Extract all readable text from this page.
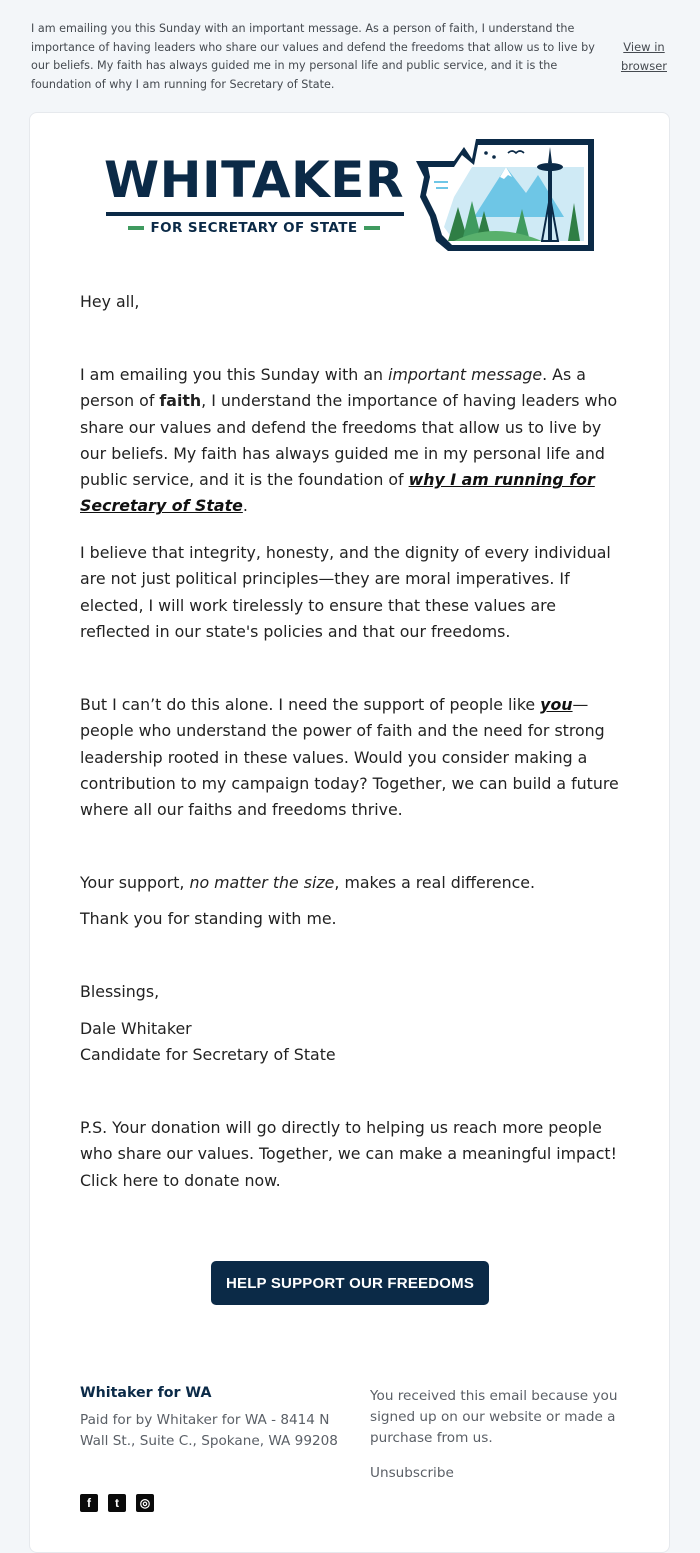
I am emailing you this Sunday with an important message. As a person of faith, I understand the importance of having leaders who share our values and defend the freedoms that allow us to live by our beliefs. My faith has always guided me in my personal life and public service, and it is the foundation of why I am running for Secretary of State.
View in browser
WHITAKER
FOR SECRETARY OF STATE

Hey all,

I am emailing you this Sunday with an important message. As a person of faith, I understand the importance of having leaders who share our values and defend the freedoms that allow us to live by our beliefs. My faith has always guided me in my personal life and public service, and it is the foundation of why I am running for Secretary of State.

I believe that integrity, honesty, and the dignity of every individual are not just political principles—they are moral imperatives. If elected, I will work tirelessly to ensure that these values are reflected in our state's policies and that our freedoms.

But I can’t do this alone. I need the support of people like you—people who understand the power of faith and the need for strong leadership rooted in these values. Would you consider making a contribution to my campaign today? Together, we can build a future where all our faiths and freedoms thrive.

Your support, no matter the size, makes a real difference.

Thank you for standing with me.

Blessings,

Dale Whitaker

Candidate for Secretary of State

P.S. Your donation will go directly to helping us reach more people who share our values. Together, we can make a meaningful impact! Click here to donate now.

HELP SUPPORT OUR FREEDOMS
Whitaker for WA
Paid for by Whitaker for WA - 8414 N Wall St., Suite C., Spokane, WA 99208
You received this email because you signed up on our website or made a purchase from us.
Unsubscribe
f	t	◎
